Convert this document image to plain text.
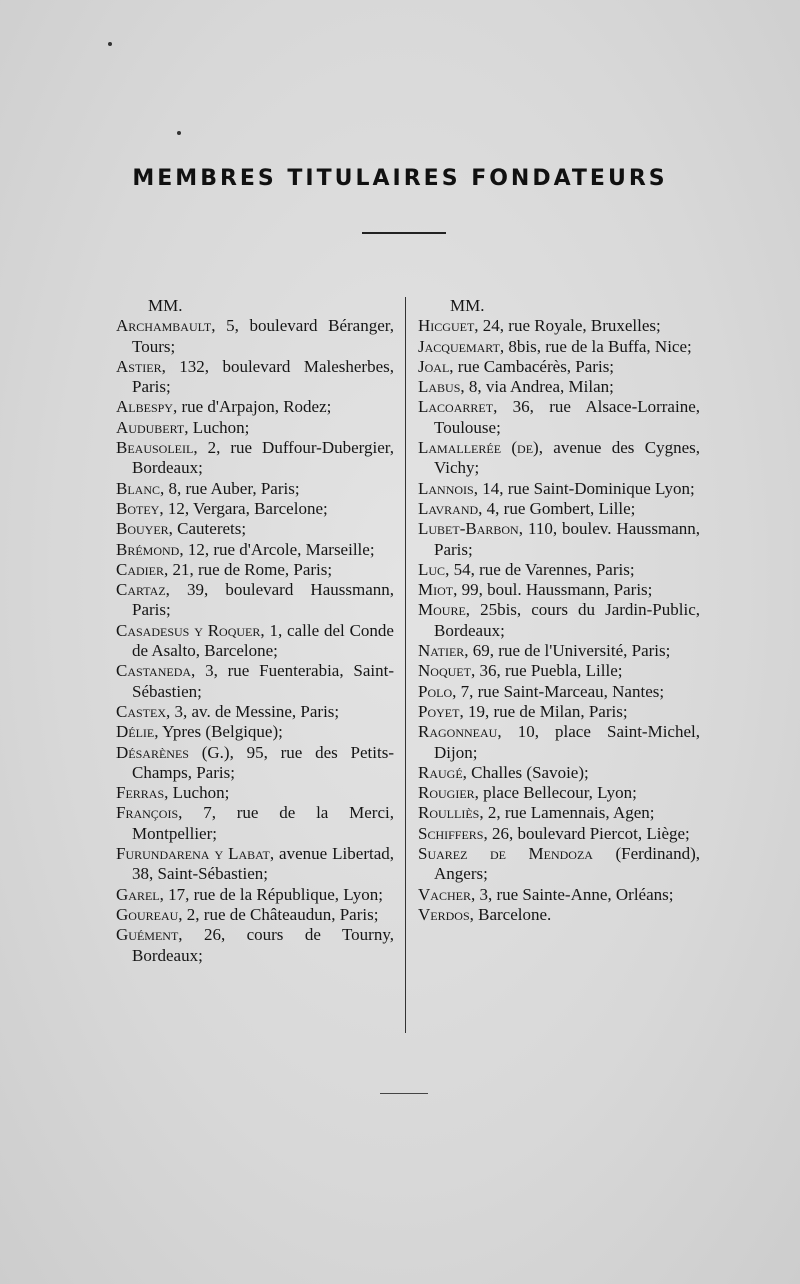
MEMBRES TITULAIRES FONDATEURS
MM.
Archambault, 5, boulevard Béranger, Tours;
Astier, 132, boulevard Malesherbes, Paris;
Albespy, rue d'Arpajon, Rodez;
Audubert, Luchon;
Beausoleil, 2, rue Duffour-Dubergier, Bordeaux;
Blanc, 8, rue Auber, Paris;
Botey, 12, Vergara, Barcelone;
Bouyer, Cauterets;
Brémond, 12, rue d'Arcole, Marseille;
Cadier, 21, rue de Rome, Paris;
Cartaz, 39, boulevard Haussmann, Paris;
Casadesus y Roquer, 1, calle del Conde de Asalto, Barcelone;
Castaneda, 3, rue Fuenterabia, Saint-Sébastien;
Castex, 3, av. de Messine, Paris;
Délie, Ypres (Belgique);
Désarènes (G.), 95, rue des Petits-Champs, Paris;
Ferras, Luchon;
François, 7, rue de la Merci, Montpellier;
Furundarena y Labat, avenue Libertad, 38, Saint-Sébastien;
Garel, 17, rue de la République, Lyon;
Goureau, 2, rue de Châteaudun, Paris;
Guément, 26, cours de Tourny, Bordeaux;
MM.
Hicguet, 24, rue Royale, Bruxelles;
Jacquemart, 8bis, rue de la Buffa, Nice;
Joal, rue Cambacérès, Paris;
Labus, 8, via Andrea, Milan;
Lacoarret, 36, rue Alsace-Lorraine, Toulouse;
Lamallerée (de), avenue des Cygnes, Vichy;
Lannois, 14, rue Saint-Dominique Lyon;
Lavrand, 4, rue Gombert, Lille;
Lubet-Barbon, 110, boulev. Haussmann, Paris;
Luc, 54, rue de Varennes, Paris;
Miot, 99, boul. Haussmann, Paris;
Moure, 25bis, cours du Jardin-Public, Bordeaux;
Natier, 69, rue de l'Université, Paris;
Noquet, 36, rue Puebla, Lille;
Polo, 7, rue Saint-Marceau, Nantes;
Poyet, 19, rue de Milan, Paris;
Ragonneau, 10, place Saint-Michel, Dijon;
Raugé, Challes (Savoie);
Rougier, place Bellecour, Lyon;
Roulliès, 2, rue Lamennais, Agen;
Schiffers, 26, boulevard Piercot, Liège;
Suarez de Mendoza (Ferdinand), Angers;
Vacher, 3, rue Sainte-Anne, Orléans;
Verdos, Barcelone.
